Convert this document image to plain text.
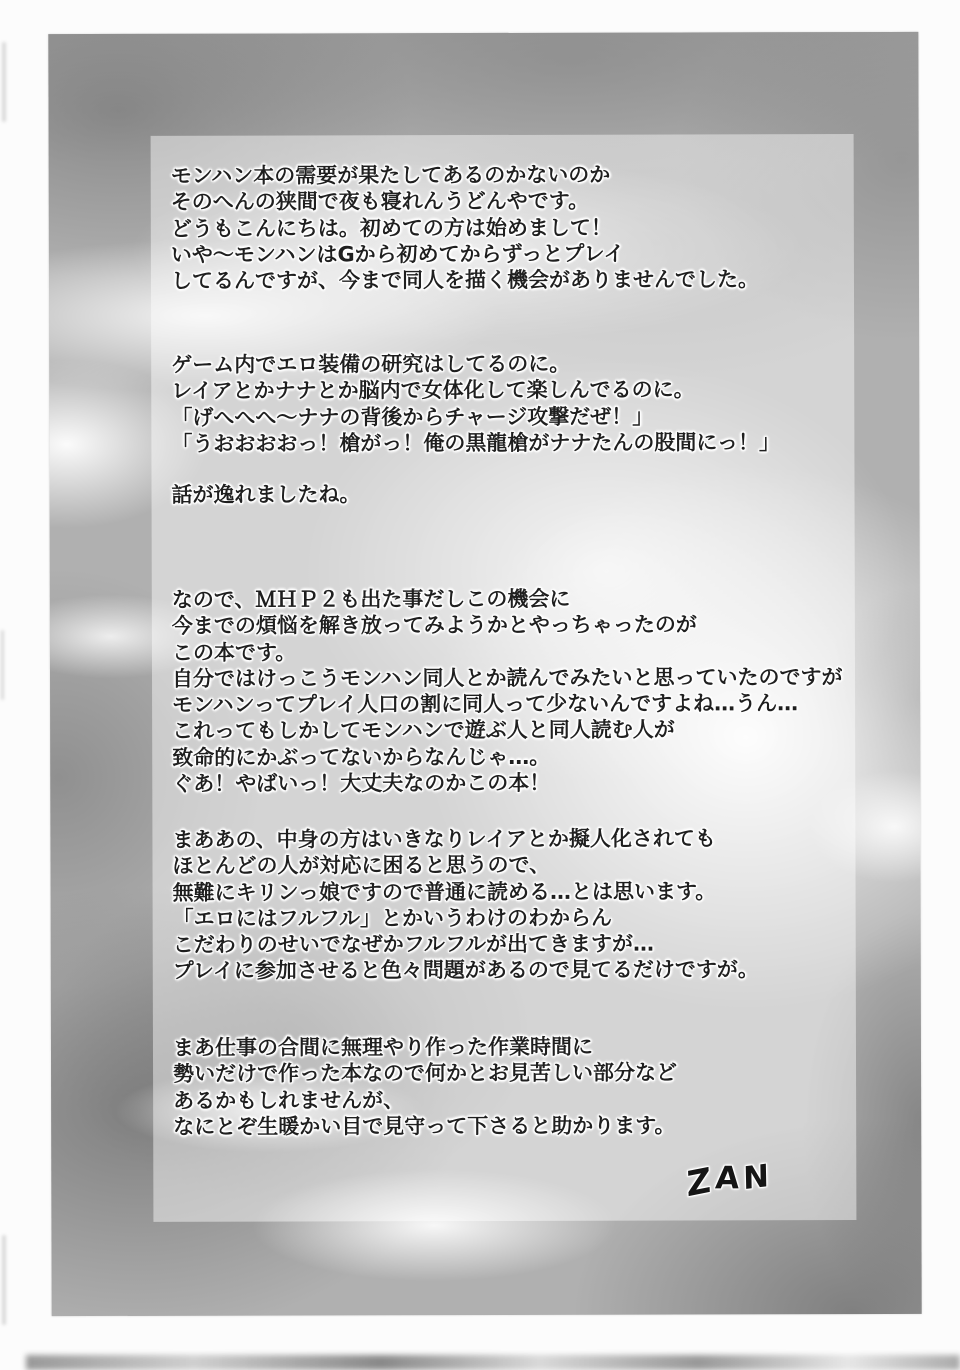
モンハン本の需要が果たしてあるのかないのか
そのへんの狭間で夜も寝れんうどんやです。
どうもこんにちは。初めての方は始めまして！
いや～モンハンはGから初めてからずっとプレイ
してるんですが、今まで同人を描く機会がありませんでした。
ゲーム内でエロ装備の研究はしてるのに。
レイアとかナナとか脳内で女体化して楽しんでるのに。
「げへへへ～ナナの背後からチャージ攻撃だぜ！」
「うおおおおっ！槍がっ！俺の黒龍槍がナナたんの股間にっ！」
話が逸れましたね。
なので、ＭＨＰ２も出た事だしこの機会に
今までの煩悩を解き放ってみようかとやっちゃったのが
この本です。
自分ではけっこうモンハン同人とか読んでみたいと思っていたのですが
モンハンってプレイ人口の割に同人って少ないんですよね…うん…
これってもしかしてモンハンで遊ぶ人と同人読む人が
致命的にかぶってないからなんじゃ…。
ぐあ！やばいっ！大丈夫なのかこの本！
まああの、中身の方はいきなりレイアとか擬人化されても
ほとんどの人が対応に困ると思うので、
無難にキリンっ娘ですので普通に読める…とは思います。
「エロにはフルフル」とかいうわけのわからん
こだわりのせいでなぜかフルフルが出てきますが…
プレイに参加させると色々問題があるので見てるだけですが。
まあ仕事の合間に無理やり作った作業時間に
勢いだけで作った本なので何かとお見苦しい部分など
あるかもしれませんが、
なにとぞ生暖かい目で見守って下さると助かります。
ZAN
